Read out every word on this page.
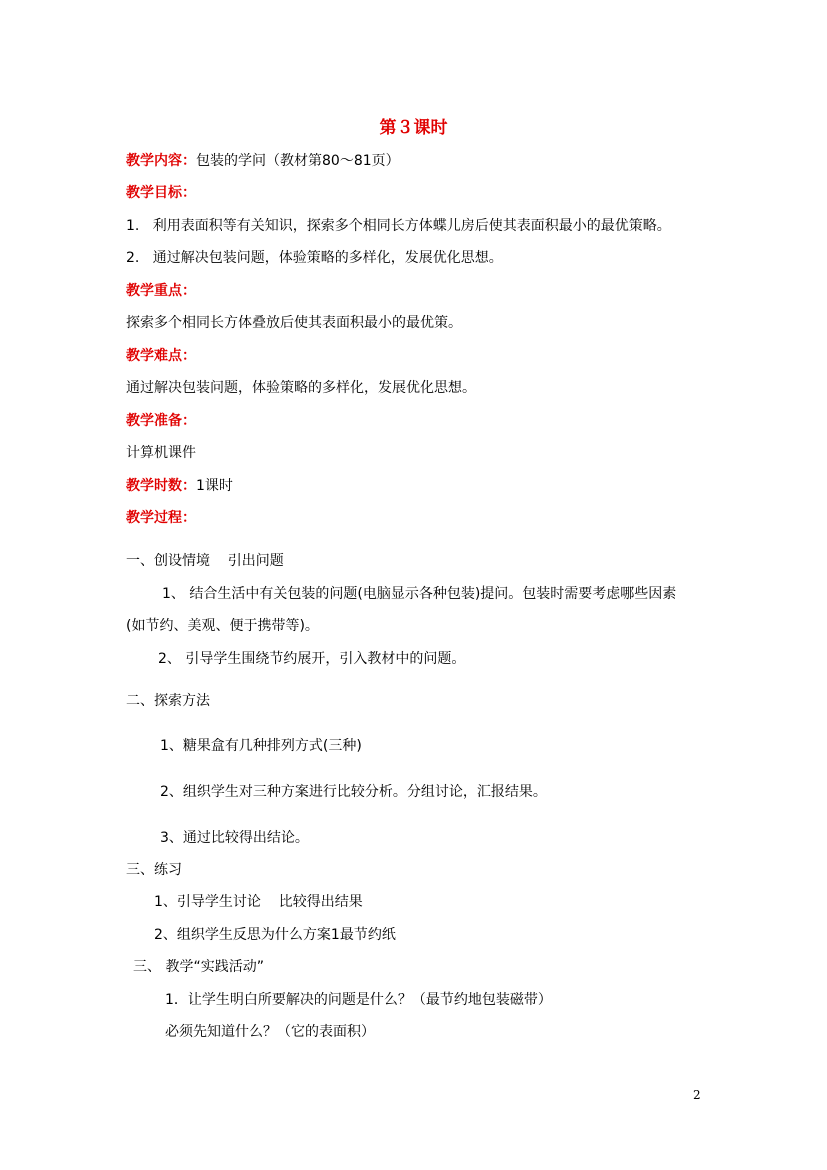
第３课时
教学内容：包装的学问（教材第80～81页）
教学目标：
1.   利用表面积等有关知识，探索多个相同长方体蝶儿房后使其表面积最小的最优策略。
2.   通过解决包装问题，体验策略的多样化，发展优化思想。
教学重点：
探索多个相同长方体叠放后使其表面积最小的最优策。
教学难点：
通过解决包装问题，体验策略的多样化，发展优化思想。
教学准备：
计算机课件
教学时数：1课时
教学过程：
一、创设情境    引出问题
1、 结合生活中有关包装的问题(电脑显示各种包装)提问。包装时需要考虑哪些因素
(如节约、美观、便于携带等)。
2、 引导学生围绕节约展开，引入教材中的问题。
二、探索方法
1、糖果盒有几种排列方式(三种)
2、组织学生对三种方案进行比较分析。分组讨论，汇报结果。
3、通过比较得出结论。
三、练习
1、引导学生讨论    比较得出结果
2、组织学生反思为什么方案1最节约纸
三、 教学“实践活动”
1．让学生明白所要解决的问题是什么？（最节约地包装磁带）
必须先知道什么？（它的表面积）
2
